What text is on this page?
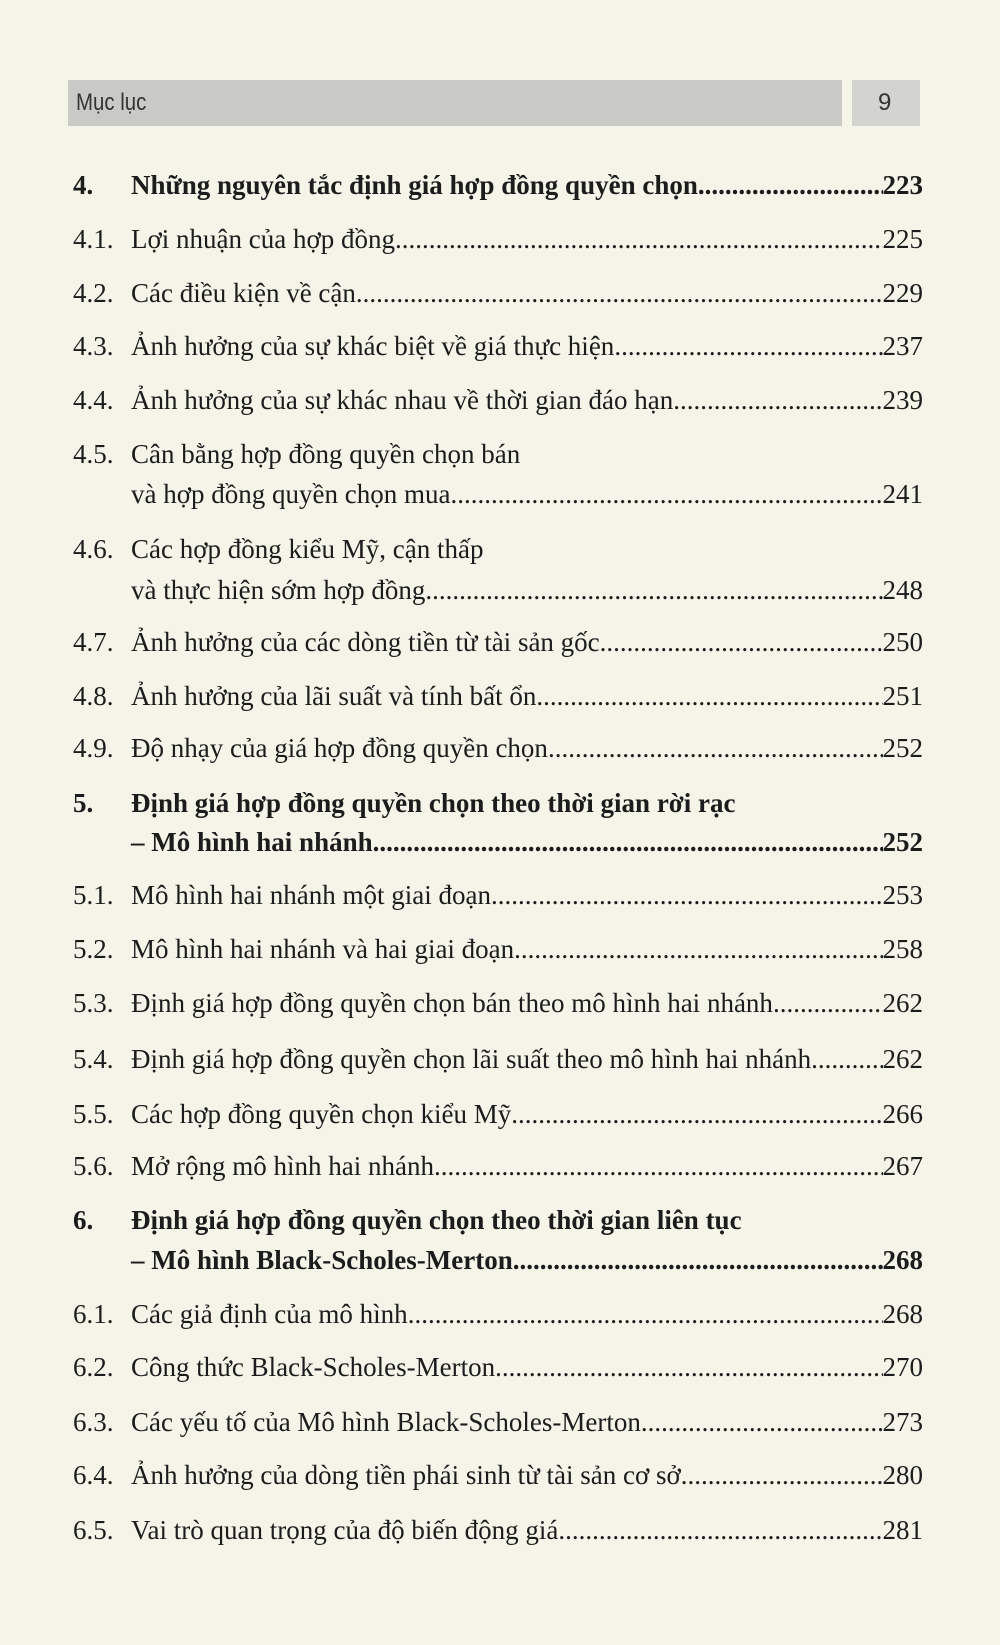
Mục lục	9
4.	Những nguyên tắc định giá hợp đồng quyền chọn .....	223
4.1. Lợi nhuận của hợp đồng .....	225
4.2. Các điều kiện về cận .....	229
4.3. Ảnh hưởng của sự khác biệt về giá thực hiện .....	237
4.4. Ảnh hưởng của sự khác nhau về thời gian đáo hạn .....	239
4.5. Cân bằng hợp đồng quyền chọn bán
và hợp đồng quyền chọn mua .....	241
4.6. Các hợp đồng kiểu Mỹ, cận thấp
và thực hiện sớm hợp đồng .....	248
4.7. Ảnh hưởng của các dòng tiền từ tài sản gốc .....	250
4.8. Ảnh hưởng của lãi suất và tính bất ổn .....	251
4.9. Độ nhạy của giá hợp đồng quyền chọn .....	252
5.	Định giá hợp đồng quyền chọn theo thời gian rời rạc
– Mô hình hai nhánh .....	252
5.1. Mô hình hai nhánh một giai đoạn .....	253
5.2. Mô hình hai nhánh và hai giai đoạn .....	258
5.3. Định giá hợp đồng quyền chọn bán theo mô hình hai nhánh .....	262
5.4. Định giá hợp đồng quyền chọn lãi suất theo mô hình hai nhánh .....	262
5.5. Các hợp đồng quyền chọn kiểu Mỹ .....	266
5.6. Mở rộng mô hình hai nhánh .....	267
6.	Định giá hợp đồng quyền chọn theo thời gian liên tục
– Mô hình Black-Scholes-Merton .....	268
6.1. Các giả định của mô hình .....	268
6.2. Công thức Black-Scholes-Merton .....	270
6.3. Các yếu tố của Mô hình Black-Scholes-Merton .....	273
6.4. Ảnh hưởng của dòng tiền phái sinh từ tài sản cơ sở .....	280
6.5. Vai trò quan trọng của độ biến động giá .....	281
